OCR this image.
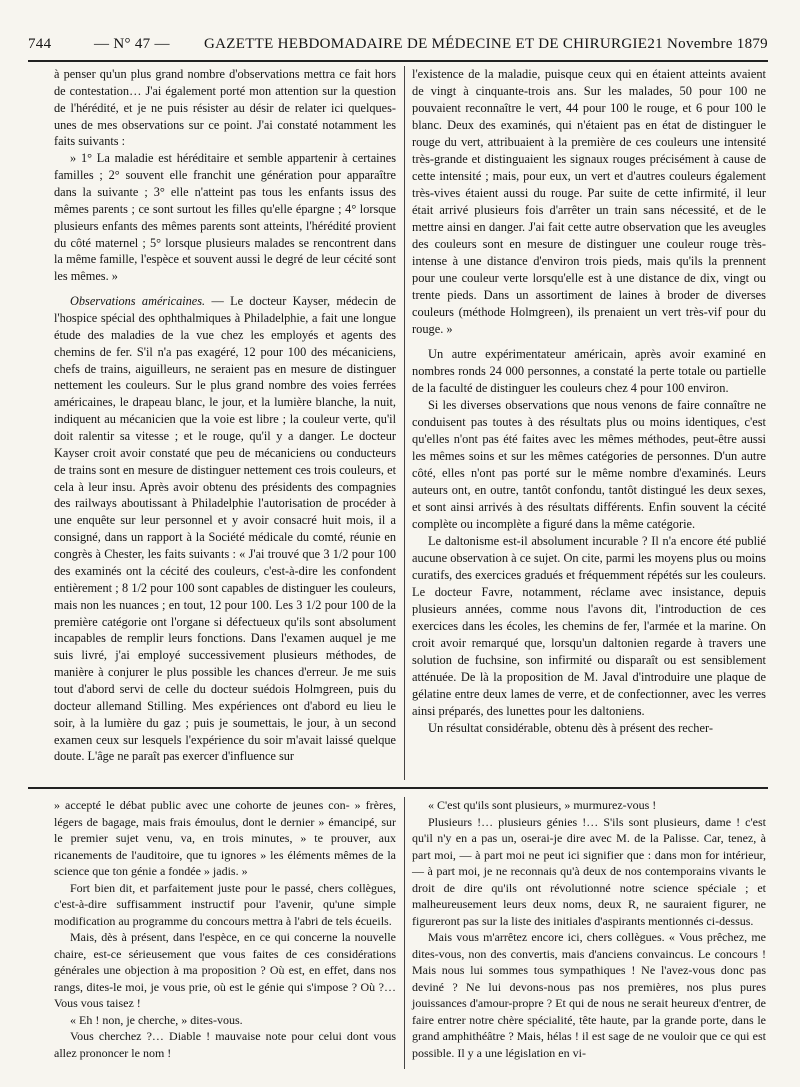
744	— N° 47 — GAZETTE HEBDOMADAIRE DE MÉDECINE ET DE CHIRURGIE 21 Novembre 1879

à penser qu'un plus grand nombre d'observations mettra ce fait hors de contestation… J'ai également porté mon attention sur la question de l'hérédité, et je ne puis résister au désir de relater ici quelques-unes de mes observations sur ce point. J'ai constaté notamment les faits suivants :

» 1° La maladie est héréditaire et semble appartenir à certaines familles ; 2° souvent elle franchit une génération pour apparaître dans la suivante ; 3° elle n'atteint pas tous les enfants issus des mêmes parents ; ce sont surtout les filles qu'elle épargne ; 4° lorsque plusieurs enfants des mêmes parents sont atteints, l'hérédité provient du côté maternel ; 5° lorsque plusieurs malades se rencontrent dans la même famille, l'espèce et souvent aussi le degré de leur cécité sont les mêmes. »

Observations américaines. — Le docteur Kayser, médecin de l'hospice spécial des ophthalmiques à Philadelphie, a fait une longue étude des maladies de la vue chez les employés et agents des chemins de fer. S'il n'a pas exagéré, 12 pour 100 des mécaniciens, chefs de trains, aiguilleurs, ne seraient pas en mesure de distinguer nettement les couleurs. Sur le plus grand nombre des voies ferrées américaines, le drapeau blanc, le jour, et la lumière blanche, la nuit, indiquent au mécanicien que la voie est libre ; la couleur verte, qu'il doit ralentir sa vitesse ; et le rouge, qu'il y a danger. Le docteur Kayser croit avoir constaté que peu de mécaniciens ou conducteurs de trains sont en mesure de distinguer nettement ces trois couleurs, et cela à leur insu. Après avoir obtenu des présidents des compagnies des railways aboutissant à Philadelphie l'autorisation de procéder à une enquête sur leur personnel et y avoir consacré huit mois, il a consigné, dans un rapport à la Société médicale du comté, réunie en congrès à Chester, les faits suivants : « J'ai trouvé que 3 1/2 pour 100 des examinés ont la cécité des couleurs, c'est-à-dire les confondent entièrement ; 8 1/2 pour 100 sont capables de distinguer les couleurs, mais non les nuances ; en tout, 12 pour 100. Les 3 1/2 pour 100 de la première catégorie ont l'organe si défectueux qu'ils sont absolument incapables de remplir leurs fonctions. Dans l'examen auquel je me suis livré, j'ai employé successivement plusieurs méthodes, de manière à conjurer le plus possible les chances d'erreur. Je me suis tout d'abord servi de celle du docteur suédois Holmgreen, puis du docteur allemand Stilling. Mes expériences ont d'abord eu lieu le soir, à la lumière du gaz ; puis je soumettais, le jour, à un second examen ceux sur lesquels l'expérience du soir m'avait laissé quelque doute. L'âge ne paraît pas exercer d'influence sur

l'existence de la maladie, puisque ceux qui en étaient atteints avaient de vingt à cinquante-trois ans. Sur les malades, 50 pour 100 ne pouvaient reconnaître le vert, 44 pour 100 le rouge, et 6 pour 100 le blanc. Deux des examinés, qui n'étaient pas en état de distinguer le rouge du vert, attribuaient à la première de ces couleurs une intensité très-grande et distinguaient les signaux rouges précisément à cause de cette intensité ; mais, pour eux, un vert et d'autres couleurs également très-vives étaient aussi du rouge. Par suite de cette infirmité, il leur était arrivé plusieurs fois d'arrêter un train sans nécessité, et de le mettre ainsi en danger. J'ai fait cette autre observation que les aveugles des couleurs sont en mesure de distinguer une couleur rouge très-intense à une distance d'environ trois pieds, mais qu'ils la prennent pour une couleur verte lorsqu'elle est à une distance de dix, vingt ou trente pieds. Dans un assortiment de laines à broder de diverses couleurs (méthode Holmgreen), ils prenaient un vert très-vif pour du rouge. »

Un autre expérimentateur américain, après avoir examiné en nombres ronds 24 000 personnes, a constaté la perte totale ou partielle de la faculté de distinguer les couleurs chez 4 pour 100 environ.

Si les diverses observations que nous venons de faire connaître ne conduisent pas toutes à des résultats plus ou moins identiques, c'est qu'elles n'ont pas été faites avec les mêmes méthodes, peut-être aussi les mêmes soins et sur les mêmes catégories de personnes. D'un autre côté, elles n'ont pas porté sur le même nombre d'examinés. Leurs auteurs ont, en outre, tantôt confondu, tantôt distingué les deux sexes, et sont ainsi arrivés à des résultats différents. Enfin souvent la cécité complète ou incomplète a figuré dans la même catégorie.

Le daltonisme est-il absolument incurable ? Il n'a encore été publié aucune observation à ce sujet. On cite, parmi les moyens plus ou moins curatifs, des exercices gradués et fréquemment répétés sur les couleurs. Le docteur Favre, notamment, réclame avec insistance, depuis plusieurs années, comme nous l'avons dit, l'introduction de ces exercices dans les écoles, les chemins de fer, l'armée et la marine. On croit avoir remarqué que, lorsqu'un daltonien regarde à travers une solution de fuchsine, son infirmité ou disparaît ou est sensiblement atténuée. De là la proposition de M. Javal d'introduire une plaque de gélatine entre deux lames de verre, et de confectionner, avec les verres ainsi préparés, des lunettes pour les daltoniens.

Un résultat considérable, obtenu dès à présent des recher-

» accepté le débat public avec une cohorte de jeunes con- » frères, légers de bagage, mais frais émoulus, dont le dernier » émancipé, sur le premier sujet venu, va, en trois minutes, » te prouver, aux ricanements de l'auditoire, que tu ignores » les éléments mêmes de la science que ton génie a fondée » jadis. »

Fort bien dit, et parfaitement juste pour le passé, chers collègues, c'est-à-dire suffisamment instructif pour l'avenir, qu'une simple modification au programme du concours mettra à l'abri de tels écueils.

Mais, dès à présent, dans l'espèce, en ce qui concerne la nouvelle chaire, est-ce sérieusement que vous faites de ces considérations générales une objection à ma proposition ? Où est, en effet, dans nos rangs, dites-le moi, je vous prie, où est le génie qui s'impose ? Où ?… Vous vous taisez !

« Eh ! non, je cherche, » dites-vous.

Vous cherchez ?… Diable ! mauvaise note pour celui dont vous allez prononcer le nom !

« C'est qu'ils sont plusieurs, » murmurez-vous !

Plusieurs !… plusieurs génies !… S'ils sont plusieurs, dame ! c'est qu'il n'y en a pas un, oserai-je dire avec M. de la Palisse. Car, tenez, à part moi, — à part moi ne peut ici signifier que : dans mon for intérieur, — à part moi, je ne reconnais qu'à deux de nos contemporains vivants le droit de dire qu'ils ont révolutionné notre science spéciale ; et malheureusement leurs deux noms, deux R, ne sauraient figurer, ne figureront pas sur la liste des initiales d'aspirants mentionnés ci-dessus.

Mais vous m'arrêtez encore ici, chers collègues. « Vous prêchez, me dites-vous, non des convertis, mais d'anciens convaincus. Le concours ! Mais nous lui sommes tous sympathiques ! Ne l'avez-vous donc pas deviné ? Ne lui devons-nous pas nos premières, nos plus pures jouissances d'amour-propre ? Et qui de nous ne serait heureux d'entrer, de faire entrer notre chère spécialité, tête haute, par la grande porte, dans le grand amphithéâtre ? Mais, hélas ! il est sage de ne vouloir que ce qui est possible. Il y a une législation en vi-
